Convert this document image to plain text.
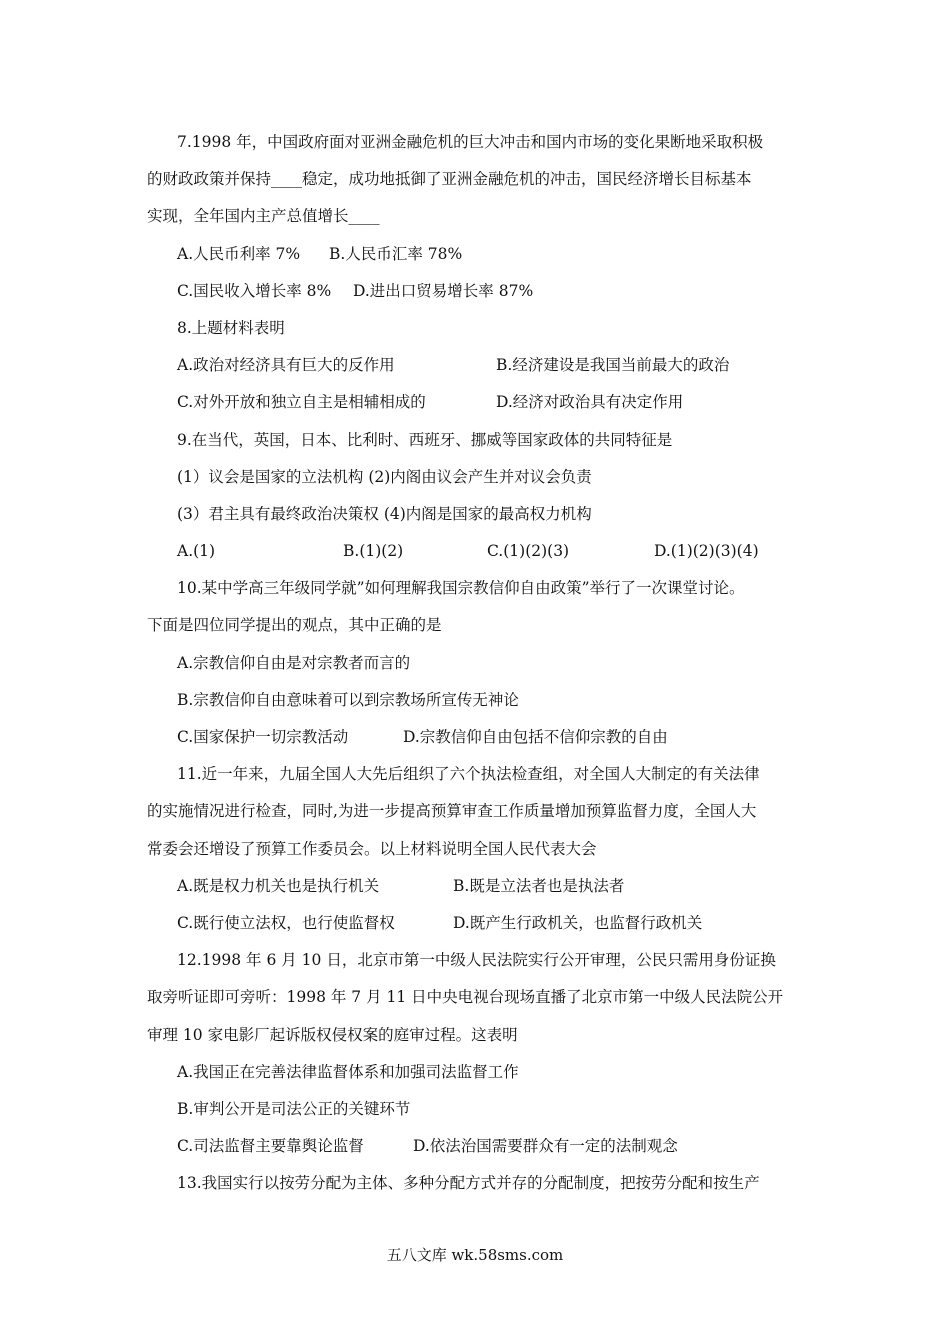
7.1998 年，中国政府面对亚洲金融危机的巨大冲击和国内市场的变化果断地采取积极
的财政政策并保持____稳定，成功地抵御了亚洲金融危机的冲击，国民经济增长目标基本
实现，全年国内主产总值增长____
A.人民币利率 7%	B.人民币汇率 78%
C.国民收入增长率 8%	D.进出口贸易增长率 87%
8.上题材料表明
A.政治对经济具有巨大的反作用	B.经济建设是我国当前最大的政治
C.对外开放和独立自主是相辅相成的	D.经济对政治具有决定作用
9.在当代，英国，日本、比利时、西班牙、挪威等国家政体的共同特征是
(1）议会是国家的立法机构 (2)内阁由议会产生并对议会负责
(3）君主具有最终政治决策权 (4)内阁是国家的最高权力机构
A.(1)	B.(1)(2)	C.(1)(2)(3)	D.(1)(2)(3)(4)
10.某中学高三年级同学就”如何理解我国宗教信仰自由政策”举行了一次课堂讨论。
下面是四位同学提出的观点，其中正确的是
A.宗教信仰自由是对宗教者而言的
B.宗教信仰自由意味着可以到宗教场所宣传无神论
C.国家保护一切宗教活动	D.宗教信仰自由包括不信仰宗教的自由
11.近一年来，九届全国人大先后组织了六个执法检查组，对全国人大制定的有关法律
的实施情况进行检查，同时,为进一步提高预算审查工作质量增加预算监督力度，全国人大
常委会还增设了预算工作委员会。以上材料说明全国人民代表大会
A.既是权力机关也是执行机关	B.既是立法者也是执法者
C.既行使立法权，也行使监督权	D.既产生行政机关，也监督行政机关
12.1998 年 6 月 10 日，北京市第一中级人民法院实行公开审理，公民只需用身份证换
取旁听证即可旁听：1998 年 7 月 11 日中央电视台现场直播了北京市第一中级人民法院公开
审理 10 家电影厂起诉版权侵权案的庭审过程。这表明
A.我国正在完善法律监督体系和加强司法监督工作
B.审判公开是司法公正的关键环节
C.司法监督主要靠舆论监督	D.依法治国需要群众有一定的法制观念
13.我国实行以按劳分配为主体、多种分配方式并存的分配制度，把按劳分配和按生产
五八文库 wk.58sms.com
